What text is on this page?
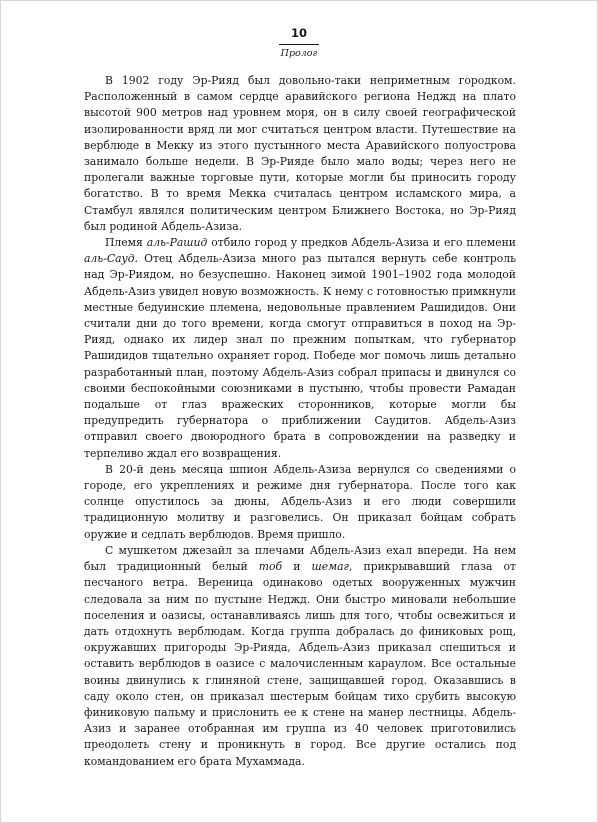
10
Пролог

В 1902 году Эр-Рияд был довольно-таки неприметным городком. Расположенный в самом сердце аравийского региона Неджд на плато высотой 900 метров над уровнем моря, он в силу своей географической изолированности вряд ли мог считаться центром власти. Путешествие на верблюде в Мекку из этого пустынного места Аравийского полуострова занимало больше недели. В Эр-Рияде было мало воды; через него не пролегали важные торговые пути, которые могли бы приносить городу богатство. В то время Мекка считалась центром исламского мира, а Стамбул являлся политическим центром Ближнего Востока, но Эр-Рияд был родиной Абдель-Азиза.

Племя аль-Рашид отбило город у предков Абдель-Азиза и его племени аль-Сауд. Отец Абдель-Азиза много раз пытался вернуть себе контроль над Эр-Риядом, но безуспешно. Наконец зимой 1901–1902 года молодой Абдель-Азиз увидел новую возможность. К нему с готовностью примкнули местные бедуинские племена, недовольные правлением Рашидидов. Они считали дни до того времени, когда смогут отправиться в поход на Эр-Рияд, однако их лидер знал по прежним попыткам, что губернатор Рашидидов тщательно охраняет город. Победе мог помочь лишь детально разработанный план, поэтому Абдель-Азиз собрал припасы и двинулся со своими беспокойными союзниками в пустыню, чтобы провести Рамадан подальше от глаз вражеских сторонников, которые могли бы предупредить губернатора о приближении Саудитов. Абдель-Азиз отправил своего двоюродного брата в сопровождении на разведку и терпеливо ждал его возвращения.

В 20-й день месяца шпион Абдель-Азиза вернулся со сведениями о городе, его укреплениях и режиме дня губернатора. После того как солнце опустилось за дюны, Абдель-Азиз и его люди совершили традиционную молитву и разговелись. Он приказал бойцам собрать оружие и седлать верблюдов. Время пришло.

С мушкетом джезайл за плечами Абдель-Азиз ехал впереди. На нем был традиционный белый тоб и шемаг, прикрывавший глаза от песчаного ветра. Вереница одинаково одетых вооруженных мужчин следовала за ним по пустыне Неджд. Они быстро миновали небольшие поселения и оазисы, останавливаясь лишь для того, чтобы освежиться и дать отдохнуть верблюдам. Когда группа добралась до финиковых рощ, окружавших пригороды Эр-Рияда, Абдель-Азиз приказал спешиться и оставить верблюдов в оазисе с малочисленным караулом. Все остальные воины двинулись к глиняной стене, защищавшей город. Оказавшись в саду около стен, он приказал шестерым бойцам тихо срубить высокую финиковую пальму и прислонить ее к стене на манер лестницы. Абдель-Азиз и заранее отобранная им группа из 40 человек приготовились преодолеть стену и проникнуть в город. Все другие остались под командованием его брата Мухаммада.
